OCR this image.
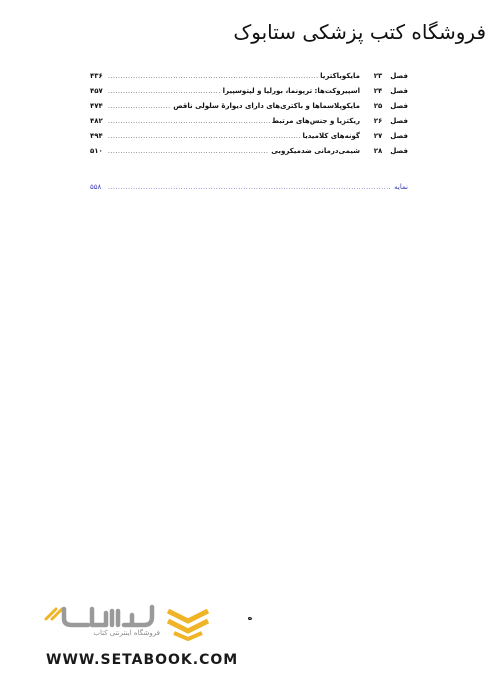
فروشگاه کتب پزشکی ستابوک
فصل
۲۳
مایکوباکتریا
.....
۴۳۶
فصل
۲۴
اسپیروکت‌ها: ترپونما، بورلیا و لپتوسپیرا
.....
۴۵۷
فصل
۲۵
مایکوپلاسماها و باکتری‌های دارای دیوارهٔ سلولی ناقص
.....
۴۷۴
فصل
۲۶
ریکتزیا و جنس‌های مرتبط
.....
۴۸۲
فصل
۲۷
گونه‌های کلامیدیا
.....
۴۹۴
فصل
۲۸
شیمی‌درمانی ضدمیکروبی
.....
۵۱۰
نمایه
.....
۵۵۸
فروشگاه اینترنتی کتاب
ه
WWW.SETABOOK.COM
